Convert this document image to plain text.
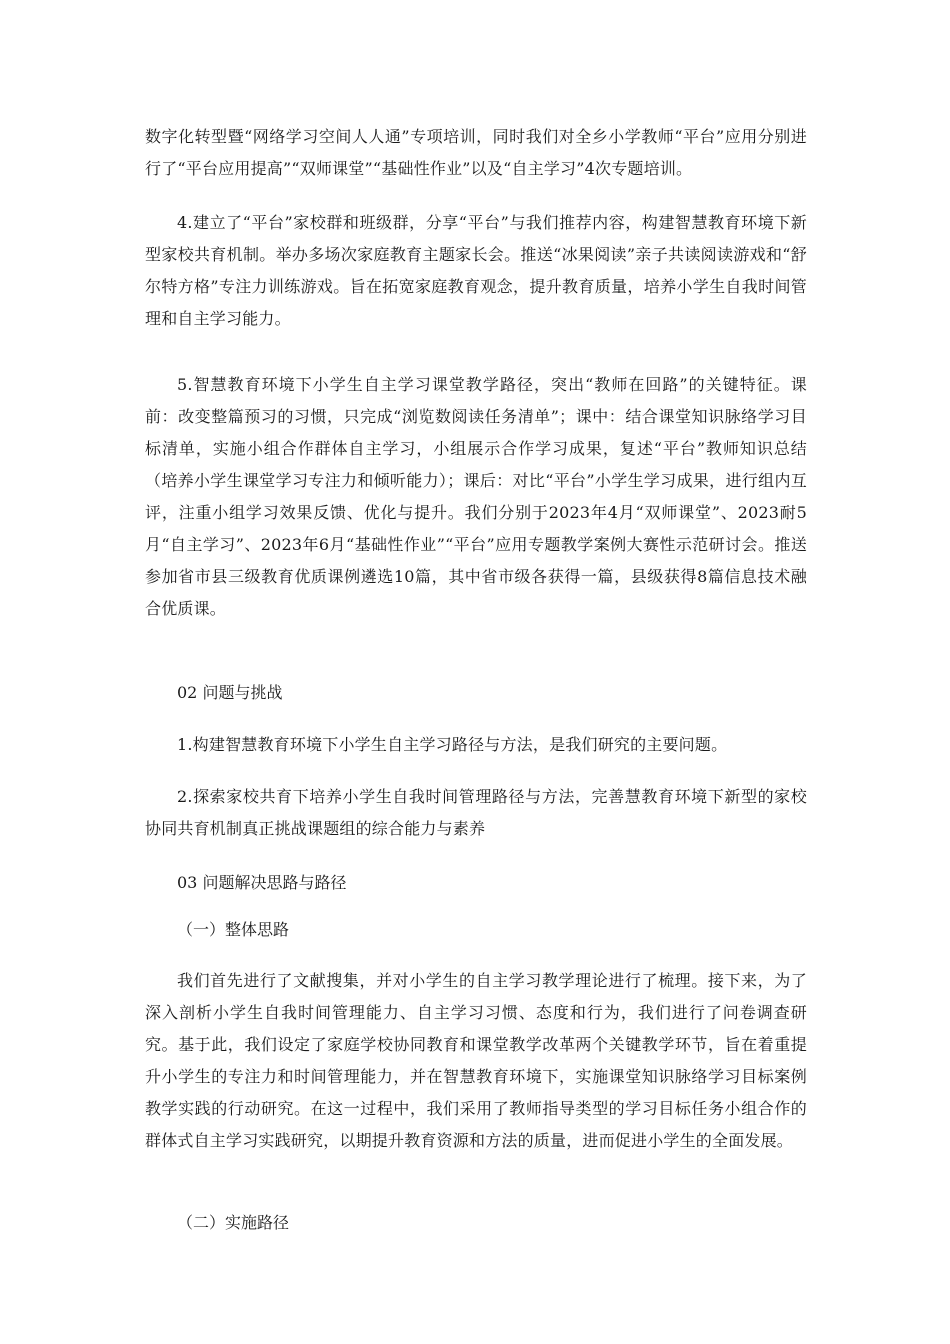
数字化转型暨“网络学习空间人人通”专项培训，同时我们对全乡小学教师“平台”应用分别进行了“平台应用提高”“双师课堂”“基础性作业”以及“自主学习”4次专题培训。

4.建立了“平台”家校群和班级群，分享“平台”与我们推荐内容，构建智慧教育环境下新型家校共育机制。举办多场次家庭教育主题家长会。推送“冰果阅读”亲子共读阅读游戏和“舒尔特方格”专注力训练游戏。旨在拓宽家庭教育观念，提升教育质量，培养小学生自我时间管理和自主学习能力。

5.智慧教育环境下小学生自主学习课堂教学路径，突出“教师在回路”的关键特征。课前：改变整篇预习的习惯，只完成“浏览数阅读任务清单”；课中：结合课堂知识脉络学习目标清单，实施小组合作群体自主学习，小组展示合作学习成果，复述“平台”教师知识总结（培养小学生课堂学习专注力和倾听能力）；课后：对比“平台”小学生学习成果，进行组内互评，注重小组学习效果反馈、优化与提升。我们分别于2023年4月“双师课堂”、2023耐5月“自主学习”、2023年6月“基础性作业”“平台”应用专题教学案例大赛性示范研讨会。推送参加省市县三级教育优质课例遴选10篇，其中省市级各获得一篇，县级获得8篇信息技术融合优质课。

02 问题与挑战

1.构建智慧教育环境下小学生自主学习路径与方法，是我们研究的主要问题。

2.探索家校共育下培养小学生自我时间管理路径与方法，完善慧教育环境下新型的家校协同共育机制真正挑战课题组的综合能力与素养

03 问题解决思路与路径

（一）整体思路

我们首先进行了文献搜集，并对小学生的自主学习教学理论进行了梳理。接下来，为了深入剖析小学生自我时间管理能力、自主学习习惯、态度和行为，我们进行了问卷调查研究。基于此，我们设定了家庭学校协同教育和课堂教学改革两个关键教学环节，旨在着重提升小学生的专注力和时间管理能力，并在智慧教育环境下，实施课堂知识脉络学习目标案例教学实践的行动研究。在这一过程中，我们采用了教师指导类型的学习目标任务小组合作的群体式自主学习实践研究，以期提升教育资源和方法的质量，进而促进小学生的全面发展。

（二）实施路径
